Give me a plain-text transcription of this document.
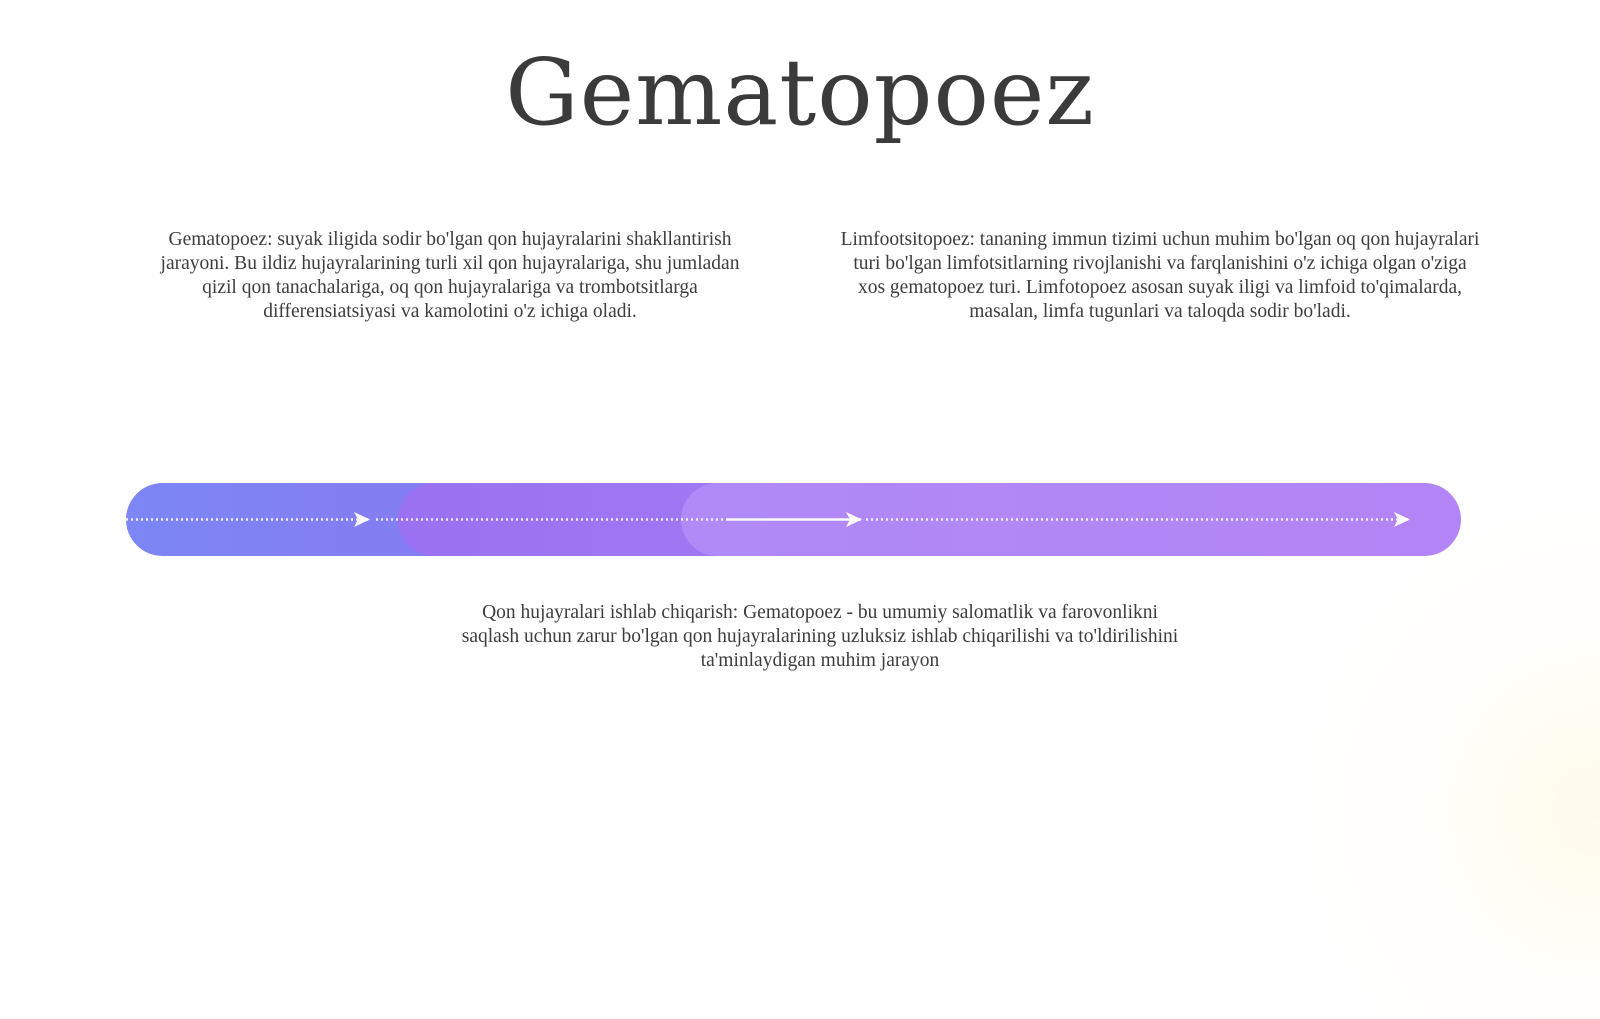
Gematopoez
Gematopoez: suyak iligida sodir bo'lgan qon hujayralarini shakllantirish jarayoni. Bu ildiz hujayralarining turli xil qon hujayralariga, shu jumladan qizil qon tanachalariga, oq qon hujayralariga va trombotsitlarga differensiatsiyasi va kamolotini o'z ichiga oladi.
Limfootsitopoez: tananing immun tizimi uchun muhim bo'lgan oq qon hujayralari turi bo'lgan limfotsitlarning rivojlanishi va farqlanishini o'z ichiga olgan o'ziga xos gematopoez turi. Limfotopoez asosan suyak iligi va limfoid to'qimalarda, masalan, limfa tugunlari va taloqda sodir bo'ladi.
Qon hujayralari ishlab chiqarish: Gematopoez - bu umumiy salomatlik va farovonlikni saqlash uchun zarur bo'lgan qon hujayralarining uzluksiz ishlab chiqarilishi va to'ldirilishini ta'minlaydigan muhim jarayon
